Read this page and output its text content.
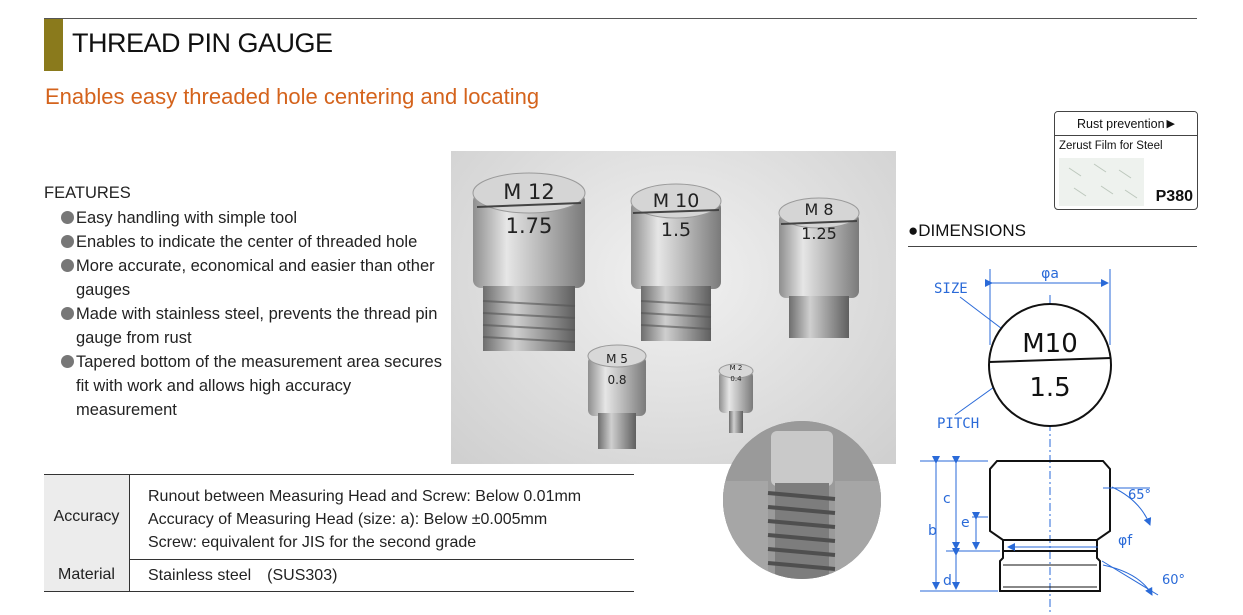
THREAD PIN GAUGE
Enables easy threaded hole centering and locating
FEATURES
Easy handling with simple tool
Enables to indicate the center of threaded hole
More accurate, economical and easier than other gauges
Made with stainless steel, prevents the thread pin gauge from rust
Tapered bottom of the measurement area secures fit with work and allows high accuracy measurement
Accuracy
Runout between Measuring Head and Screw: Below 0.01mm
Accuracy of Measuring Head (size: a): Below ±0.005mm
Screw: equivalent for JIS for the second grade
Material	Stainless steel　(SUS303)
M 12
1.75
M 10
1.5
M 8
1.25
M 5
0.8
M 2
0.4
Rust prevention ▶
Zerust Film for Steel
P380
●DIMENSIONS
φa
SIZE
PITCH
M10
1.5
b
c
d
e
φf
65°
60°
